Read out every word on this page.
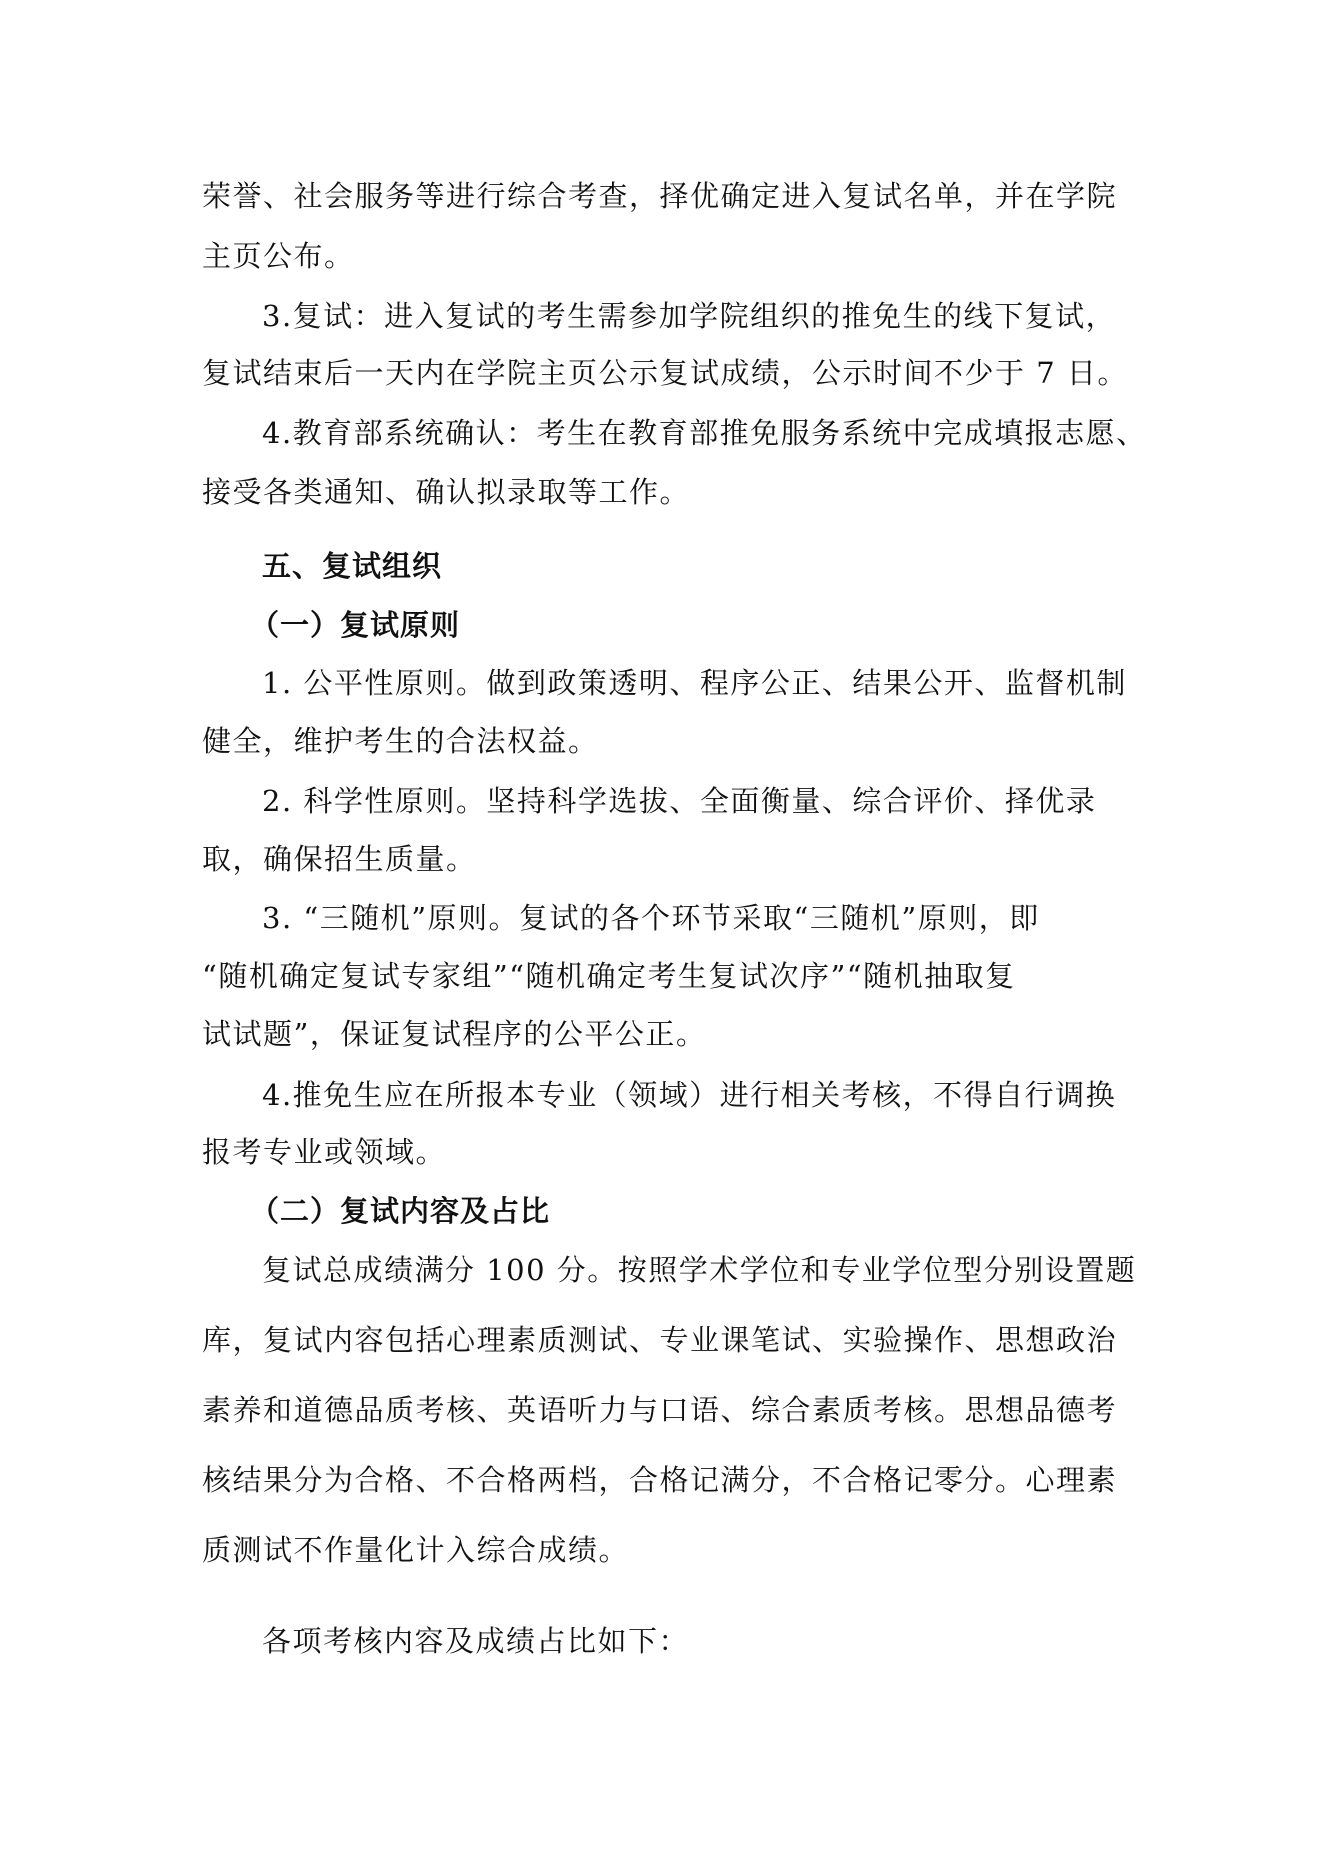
荣誉、社会服务等进行综合考查，择优确定进入复试名单，并在学院
主页公布。
3.复试：进入复试的考生需参加学院组织的推免生的线下复试，
复试结束后一天内在学院主页公示复试成绩，公示时间不少于 7 日。
4.教育部系统确认：考生在教育部推免服务系统中完成填报志愿、
接受各类通知、确认拟录取等工作。
五、复试组织
（一）复试原则
1. 公平性原则。做到政策透明、程序公正、结果公开、监督机制
健全，维护考生的合法权益。
2. 科学性原则。坚持科学选拔、全面衡量、综合评价、择优录
取，确保招生质量。
3. “三随机”原则。复试的各个环节采取“三随机”原则，即
“随机确定复试专家组”“随机确定考生复试次序”“随机抽取复
试试题”，保证复试程序的公平公正。
4.推免生应在所报本专业（领域）进行相关考核，不得自行调换
报考专业或领域。
（二）复试内容及占比
复试总成绩满分 100 分。按照学术学位和专业学位型分别设置题
库，复试内容包括心理素质测试、专业课笔试、实验操作、思想政治
素养和道德品质考核、英语听力与口语、综合素质考核。思想品德考
核结果分为合格、不合格两档，合格记满分，不合格记零分。心理素
质测试不作量化计入综合成绩。
各项考核内容及成绩占比如下：
